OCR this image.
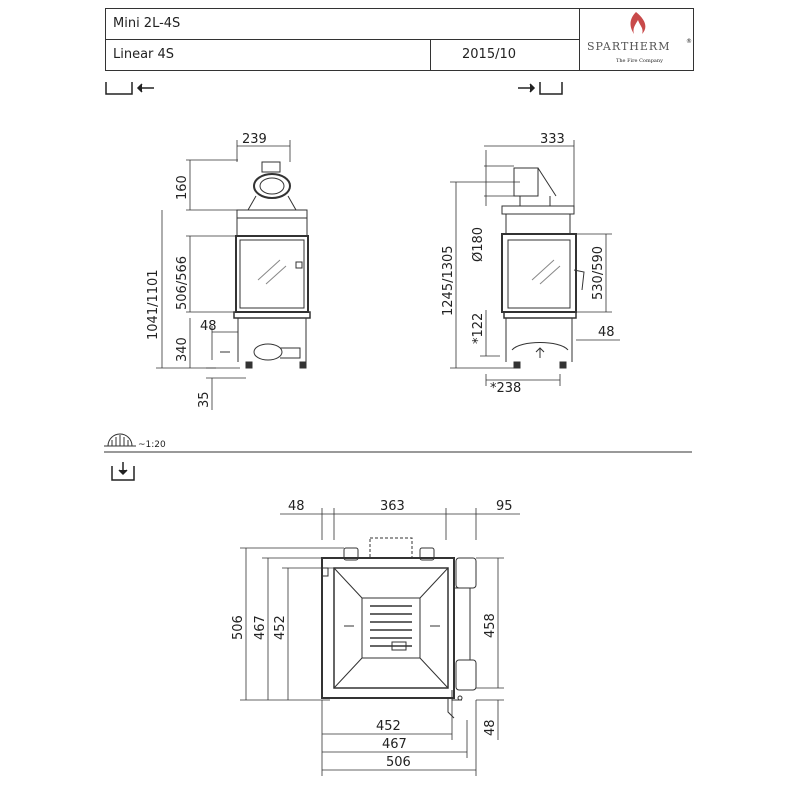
Mini 2L-4S
Linear 4S	2015/10
SPARTHERM	®
The Fire Company
239
160
1041/1101 506/566
340
48
35
333
Ø180
1245/1305	530/590
*122	48
*238
~1:20
48	363	95
506 467 452	458
48
452
467
506
